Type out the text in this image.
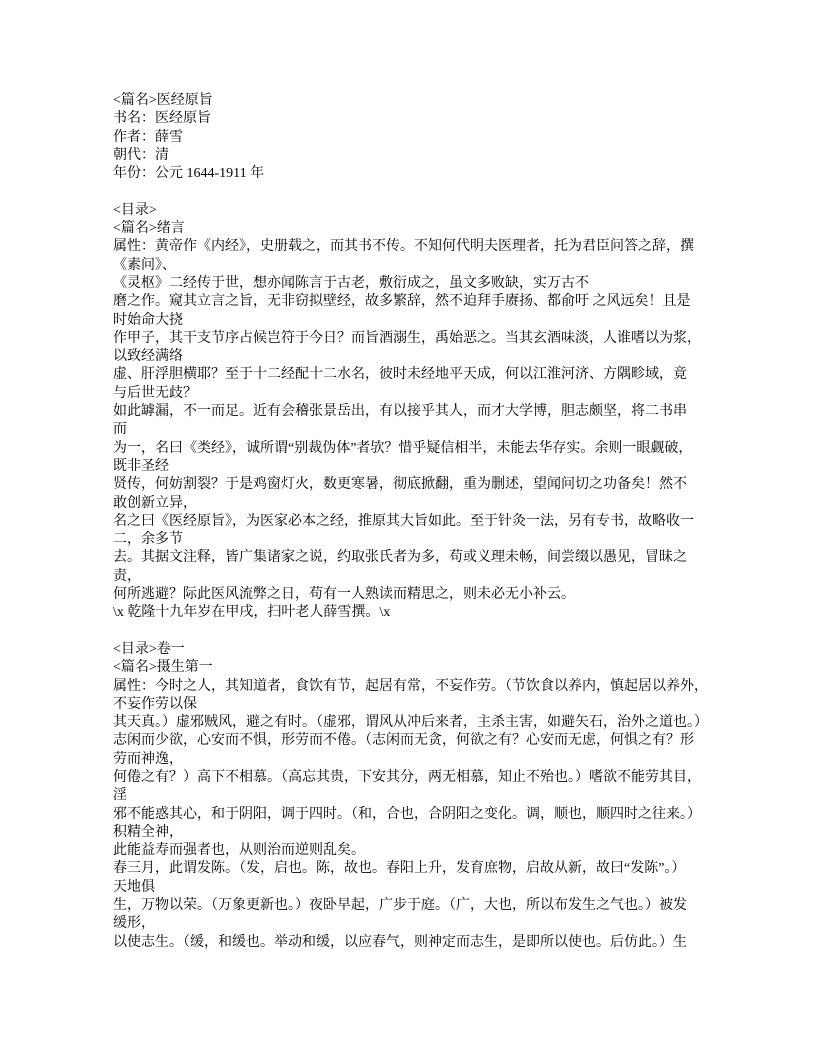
<篇名>医经原旨
书名：医经原旨
作者：薛雪
朝代：清
年份：公元 1644-1911 年
<目录>
<篇名>绪言
属性：黄帝作《内经》，史册载之，而其书不传。不知何代明夫医理者，托为君臣问答之辞，撰
《素问》、
《灵枢》二经传于世，想亦闻陈言于古老，敷衍成之，虽文多败缺，实万古不
磨之作。窥其立言之旨，无非窃拟壁经，故多繁辞，然不迫拜手赓扬、都俞吁 之风远矣！且是
时始命大挠
作甲子，其干支节序占候岂符于今日？而旨酒溺生，禹始恶之。当其玄酒味淡，人谁嗜以为浆，
以致经满络
虚、肝浮胆横耶？至于十二经配十二水名，彼时未经地平天成，何以江淮河济、方隅畛域，竟
与后世无歧？
如此罅漏，不一而足。近有会稽张景岳出，有以接乎其人，而才大学博，胆志颇坚，将二书串
而
为一，名曰《类经》，诚所谓“别裁伪体”者欤？惜乎疑信相半，未能去华存实。余则一眼觑破，
既非圣经
贤传，何妨割裂？于是鸡窗灯火，数更寒暑，彻底掀翻，重为删述，望闻问切之功备矣！然不
敢创新立异，
名之曰《医经原旨》，为医家必本之经，推原其大旨如此。至于针灸一法，另有专书，故略收一
二，余多节
去。其据文注释，皆广集诸家之说，约取张氏者为多，苟或义理未畅，间尝缀以愚见，冒昧之
责，
何所逃避？际此医风流弊之日，苟有一人熟读而精思之，则未必无小补云。
\x 乾隆十九年岁在甲戌，扫叶老人薛雪撰。\x
<目录>卷一
<篇名>摄生第一
属性：今时之人，其知道者，食饮有节，起居有常，不妄作劳。（节饮食以养内，慎起居以养外，
不妄作劳以保
其天真。）虚邪贼风，避之有时。（虚邪，谓风从冲后来者，主杀主害，如避矢石，治外之道也。）
志闲而少欲，心安而不惧，形劳而不倦。（志闲而无贪，何欲之有？心安而无虑，何惧之有？形
劳而神逸，
何倦之有？）高下不相慕。（高忘其贵，下安其分，两无相慕，知止不殆也。）嗜欲不能劳其目，
淫
邪不能惑其心，和于阴阳，调于四时。（和，合也，合阴阳之变化。调，顺也，顺四时之往来。）
积精全神，
此能益寿而强者也，从则治而逆则乱矣。
春三月，此谓发陈。（发，启也。陈，故也。春阳上升，发育庶物，启故从新，故曰“发陈”。）
天地俱
生，万物以荣。（万象更新也。）夜卧早起，广步于庭。（广，大也，所以布发生之气也。）被发
缓形，
以使志生。（缓，和缓也。举动和缓，以应春气，则神定而志生，是即所以使也。后仿此。）生
